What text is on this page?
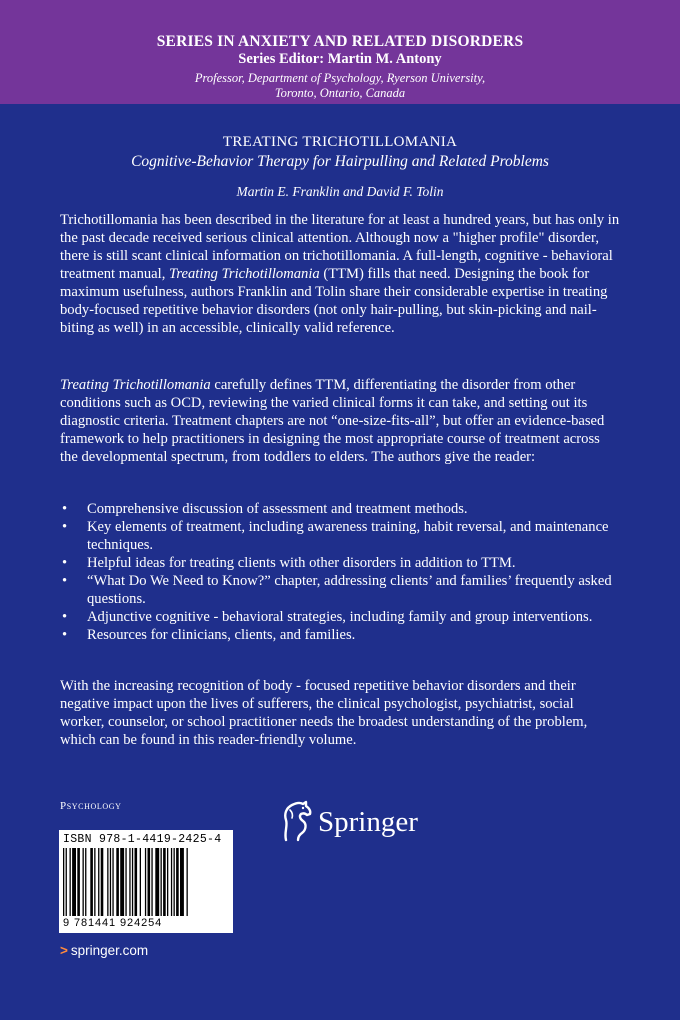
SERIES IN ANXIETY AND RELATED DISORDERS
Series Editor: Martin M. Antony
Professor, Department of Psychology, Ryerson University,
Toronto, Ontario, Canada
TREATING TRICHOTILLOMANIA
Cognitive-Behavior Therapy for Hairpulling and Related Problems
Martin E. Franklin and David F. Tolin

Trichotillomania has been described in the literature for at least a hundred years, but has only in the past decade received serious clinical attention. Although now a "higher profile" disorder, there is still scant clinical information on trichotillomania. A full-length, cognitive - behavioral treatment manual, Treating Trichotillomania (TTM) fills that need. Designing the book for maximum usefulness, authors Franklin and Tolin share their considerable expertise in treating body-focused repetitive behavior disorders (not only hair-pulling, but skin-picking and nail-biting as well) in an accessible, clinically valid reference.

Treating Trichotillomania carefully defines TTM, differentiating the disorder from other conditions such as OCD, reviewing the varied clinical forms it can take, and setting out its diagnostic criteria. Treatment chapters are not “one-size-fits-all”, but offer an evidence-based framework to help practitioners in designing the most appropriate course of treatment across the developmental spectrum, from toddlers to elders. The authors give the reader:

• Comprehensive discussion of assessment and treatment methods.
• Key elements of treatment, including awareness training, habit reversal, and maintenance techniques.
• Helpful ideas for treating clients with other disorders in addition to TTM.
• “What Do We Need to Know?” chapter, addressing clients’ and families’ frequently asked questions.
• Adjunctive cognitive - behavioral strategies, including family and group interventions.
• Resources for clinicians, clients, and families.

With the increasing recognition of body - focused repetitive behavior disorders and their negative impact upon the lives of sufferers, the clinical psychologist, psychiatrist, social worker, counselor, or school practitioner needs the broadest understanding of the problem, which can be found in this reader-friendly volume.

Psychology	Springer
ISBN 978-1-4419-2425-4
9 781441 924254
> springer.com
